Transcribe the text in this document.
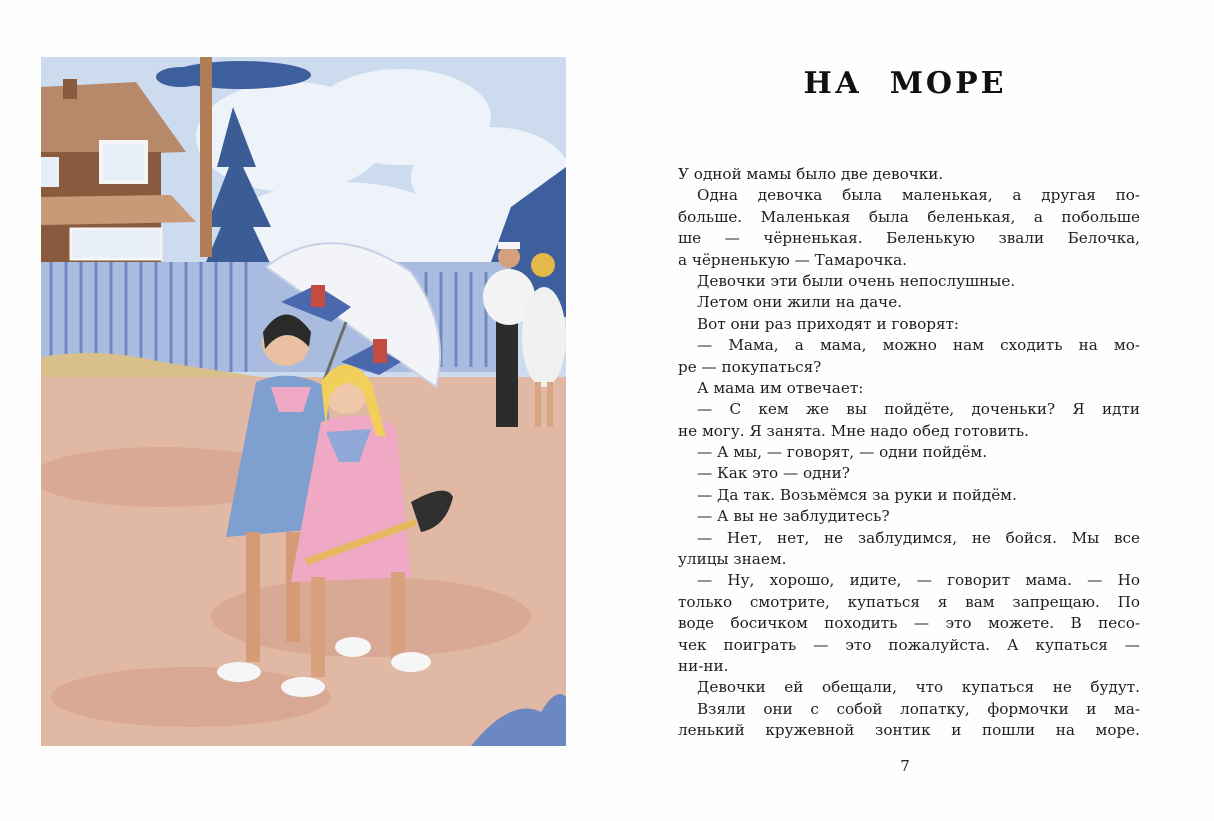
НА МОРЕ
У одной мамы было две девочки.
Одна девочка была маленькая, а другая по-
больше. Маленькая была беленькая, а побольше
ше — чёрненькая. Беленькую звали Белочка,
а чёрненькую — Тамарочка.
Девочки эти были очень непослушные.
Летом они жили на даче.
Вот они раз приходят и говорят:
— Мама, а мама, можно нам сходить на мо-
ре — покупаться?
А мама им отвечает:
— С кем же вы пойдёте, доченьки? Я идти
не могу. Я занята. Мне надо обед готовить.
— А мы, — говорят, — одни пойдём.
— Как это — одни?
— Да так. Возьмёмся за руки и пойдём.
— А вы не заблудитесь?
— Нет, нет, не заблудимся, не бойся. Мы все
улицы знаем.
— Ну, хорошо, идите, — говорит мама. — Но
только смотрите, купаться я вам запрещаю. По
воде босичком походить — это можете. В песо-
чек поиграть — это пожалуйста. А купаться —
ни-ни.
Девочки ей обещали, что купаться не будут.
Взяли они с собой лопатку, формочки и ма-
ленький кружевной зонтик и пошли на море.
7
